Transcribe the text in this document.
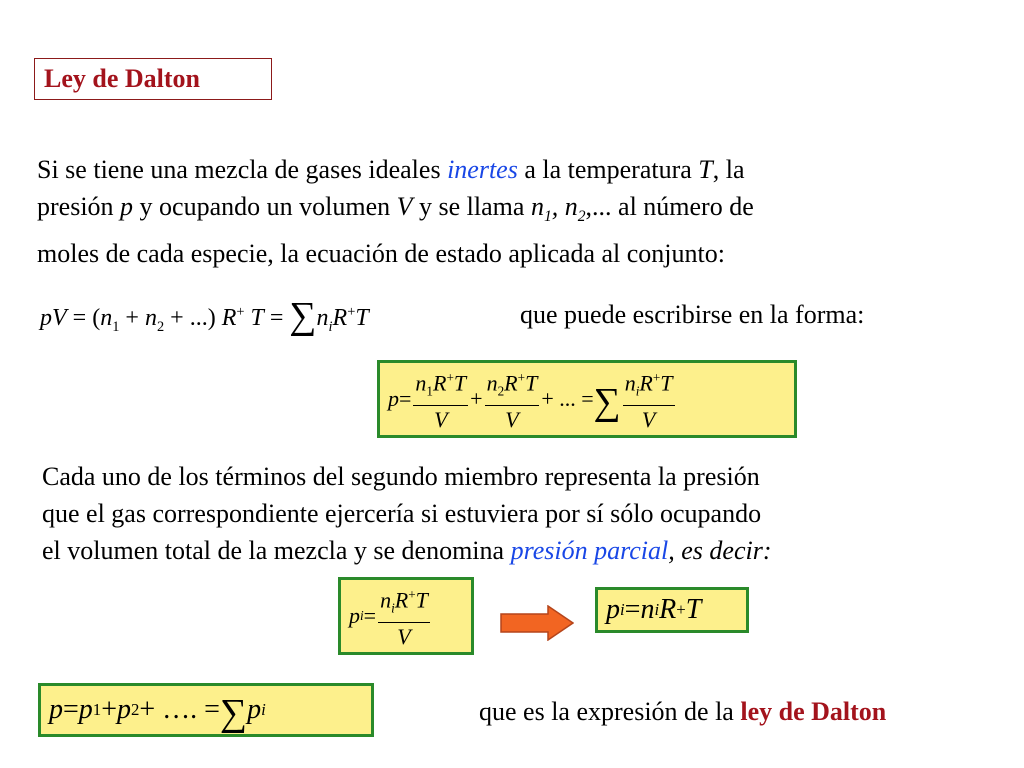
Ley de Dalton
Si se tiene una mezcla de gases ideales inertes a la temperatura T, la
presión p y ocupando un volumen V y se llama $n_1$, $n_2$,... al número de
moles de cada especie, la ecuación de estado aplicada al conjunto:
pV = ($n_1 + n_2$ + ...) R+ $T = \sum n_iR^+T$	que puede escribirse en la forma:
$p = \frac{n_1R^+T}{V} + \frac{n_2R^+T}{V}$ + ... = ∑ $\frac{n_iR^+T}{V}$
Cada uno de los términos del segundo miembro representa la presión
que el gas correspondiente ejercería si estuviera por sí sólo ocupando
el volumen total de la mezcla y se denomina presión parcial, es decir:
p $i = \frac{n_iR^+T}{V}$	p i = n i R + T
p = p 1 + p 2 + …. = ∑ p i	que es la expresión de la ley de Dalton
